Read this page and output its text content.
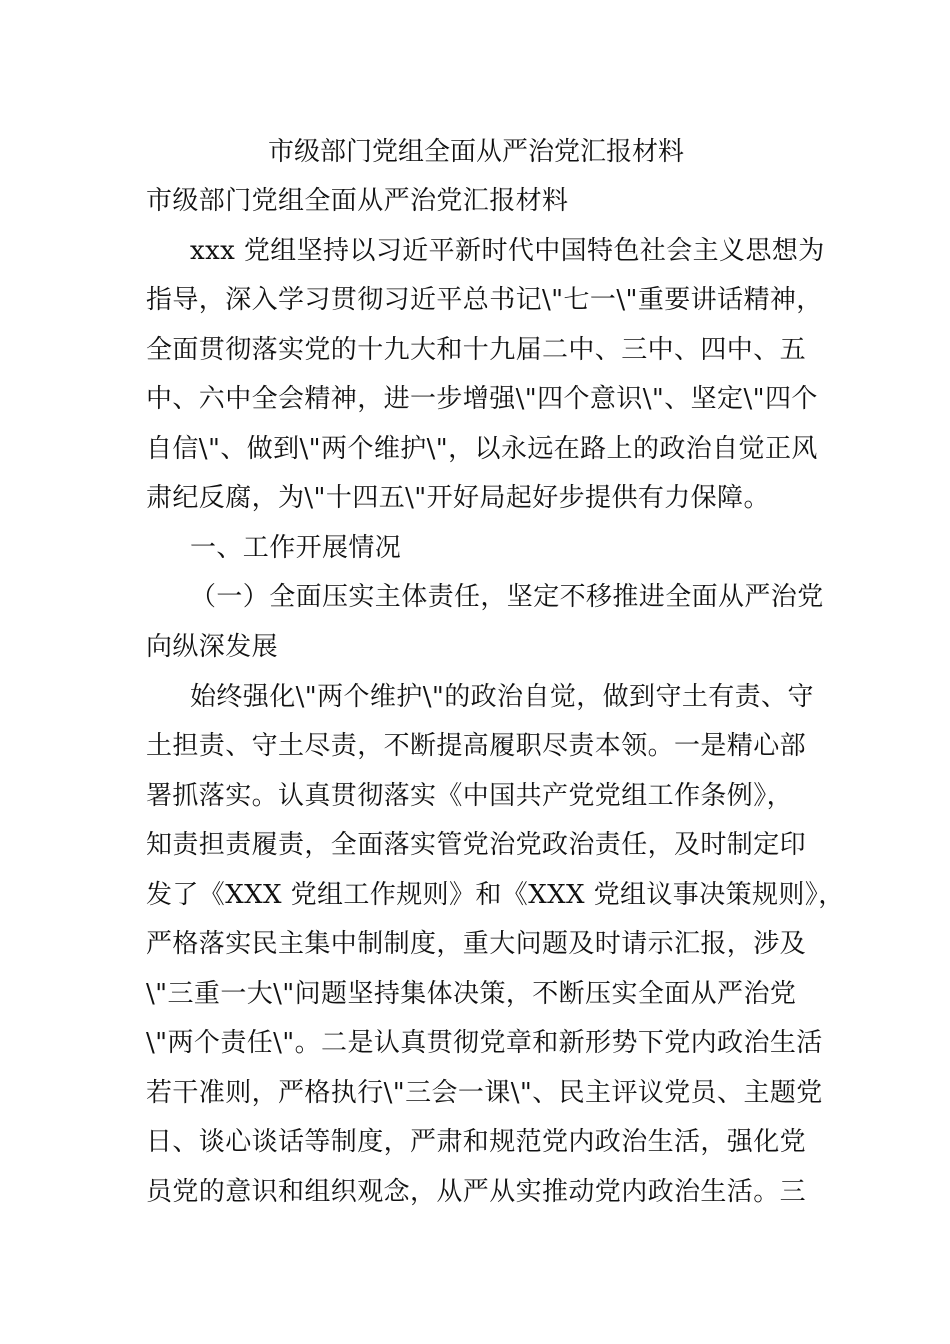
市级部门党组全面从严治党汇报材料
市级部门党组全面从严治党汇报材料
xxx 党组坚持以习近平新时代中国特色社会主义思想为
指导，深入学习贯彻习近平总书记\"七一\"重要讲话精神，
全面贯彻落实党的十九大和十九届二中、三中、四中、五
中、六中全会精神，进一步增强\"四个意识\"、坚定\"四个
自信\"、做到\"两个维护\"，以永远在路上的政治自觉正风
肃纪反腐，为\"十四五\"开好局起好步提供有力保障。
一、工作开展情况
（一）全面压实主体责任，坚定不移推进全面从严治党
向纵深发展
始终强化\"两个维护\"的政治自觉，做到守土有责、守
土担责、守土尽责，不断提高履职尽责本领。一是精心部
署抓落实。认真贯彻落实《中国共产党党组工作条例》，
知责担责履责，全面落实管党治党政治责任，及时制定印
发了《XXX 党组工作规则》和《XXX 党组议事决策规则》，
严格落实民主集中制制度，重大问题及时请示汇报，涉及
\"三重一大\"问题坚持集体决策，不断压实全面从严治党
\"两个责任\"。二是认真贯彻党章和新形势下党内政治生活
若干准则，严格执行\"三会一课\"、民主评议党员、主题党
日、谈心谈话等制度，严肃和规范党内政治生活，强化党
员党的意识和组织观念，从严从实推动党内政治生活。三
